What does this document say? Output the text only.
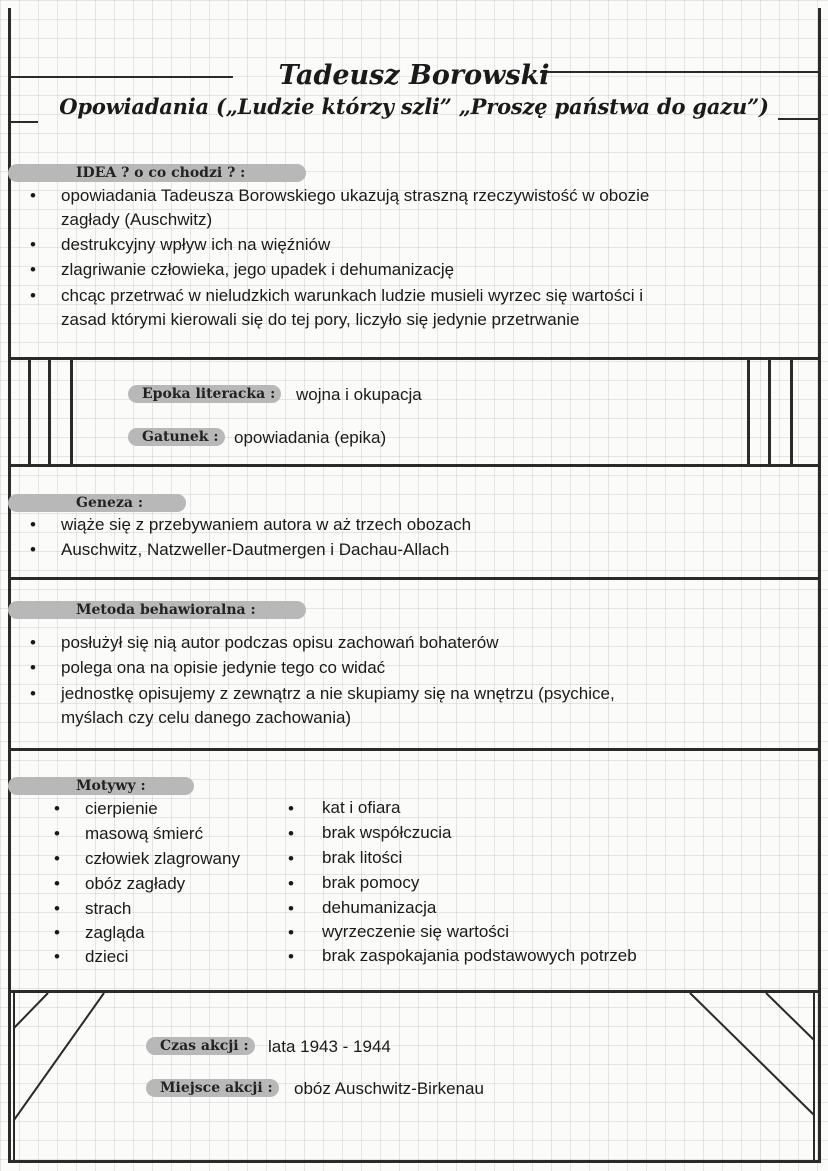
Tadeusz Borowski
Opowiadania („Ludzie którzy szli” „Proszę państwa do gazu”)
IDEA ? o co chodzi ? :
• opowiadania Tadeusza Borowskiego ukazują straszną rzeczywistość w obozie
zagłady (Auschwitz)
• destrukcyjny wpływ ich na więźniów
• zlagriwanie człowieka, jego upadek i dehumanizację
• chcąc przetrwać w nieludzkich warunkach ludzie musieli wyrzec się wartości i
zasad którymi kierowali się do tej pory, liczyło się jedynie przetrwanie
Epoka literacka :	wojna i okupacja
Gatunek : opowiadania (epika)
Geneza :
• wiąże się z przebywaniem autora w aż trzech obozach
• Auschwitz, Natzweller-Dautmergen i Dachau-Allach
Metoda behawioralna :
• posłużył się nią autor podczas opisu zachowań bohaterów
• polega ona na opisie jedynie tego co widać
• jednostkę opisujemy z zewnątrz a nie skupiamy się na wnętrzu (psychice,
myślach czy celu danego zachowania)
Motywy :
• cierpienie
• masową śmierć
• człowiek zlagrowany
• obóz zagłady
• strach
• zagląda
• dzieci
• kat i ofiara
• brak współczucia
• brak litości
• brak pomocy
• dehumanizacja
• wyrzeczenie się wartości
• brak zaspokajania podstawowych potrzeb
Czas akcji :	lata 1943 - 1944
Miejsce akcji :	obóz Auschwitz-Birkenau
